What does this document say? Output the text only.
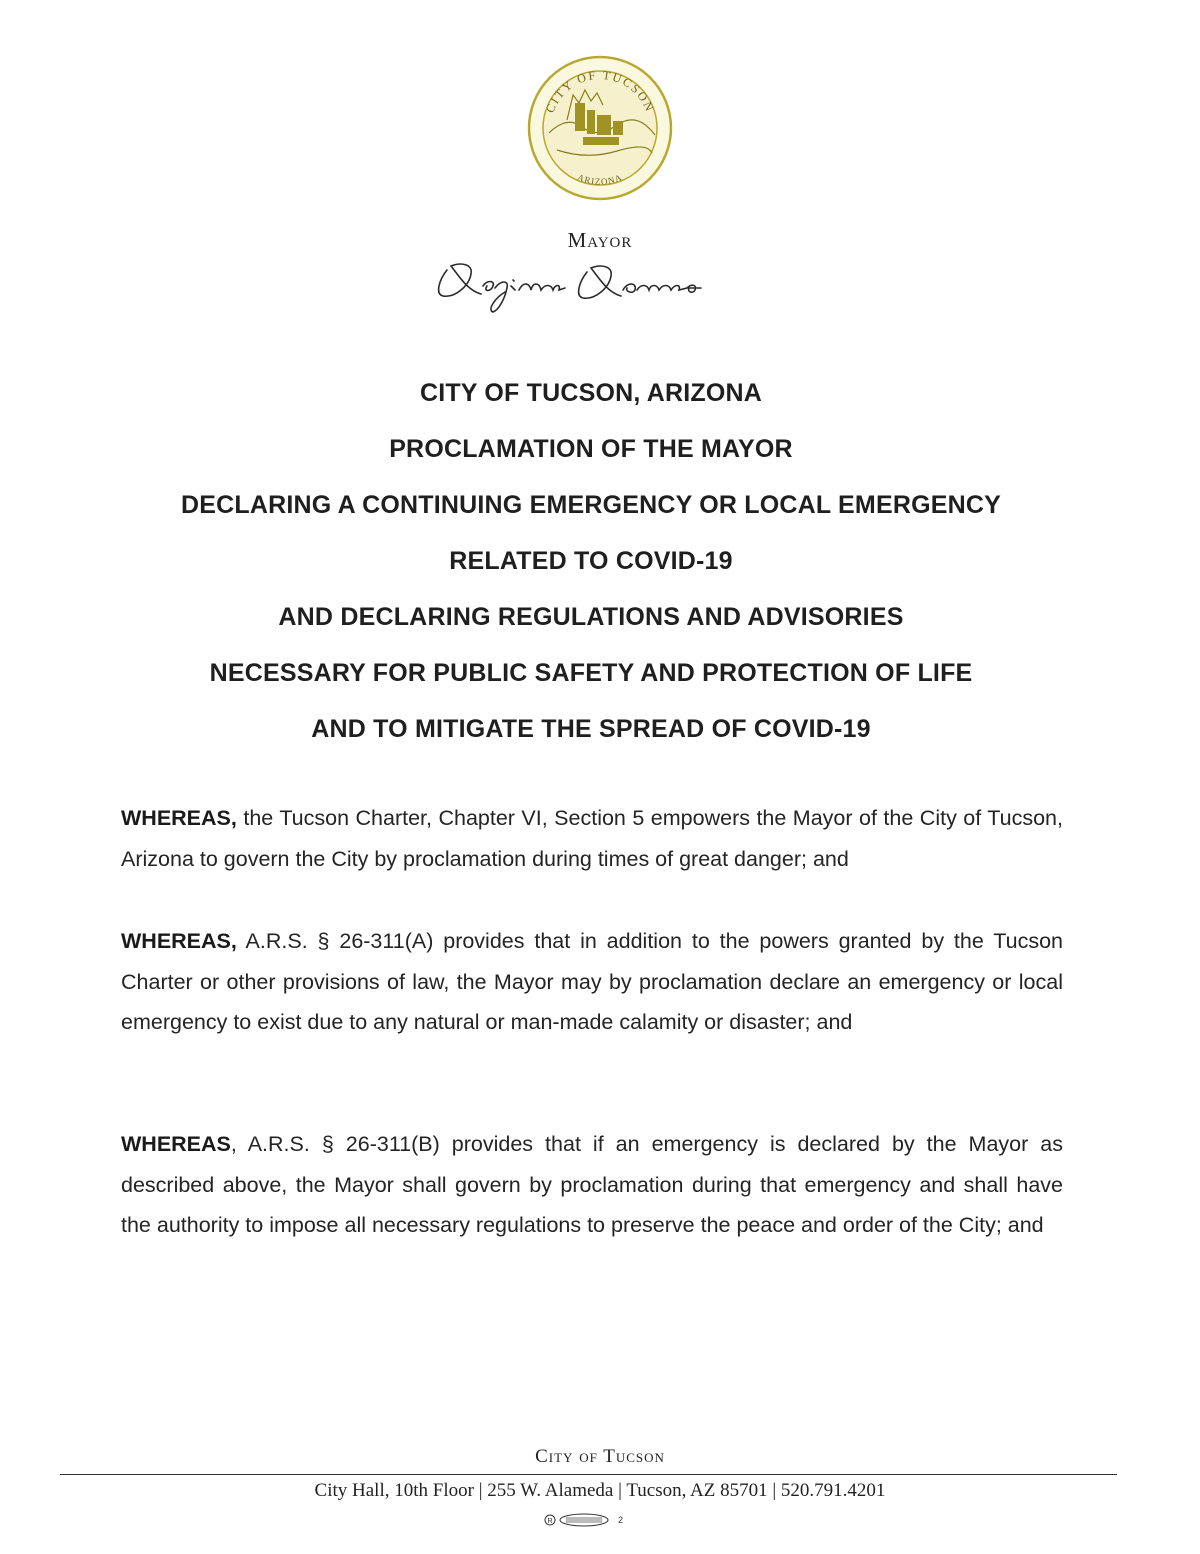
CITY OF TUCSON
ARIZONA
Mayor
CITY OF TUCSON, ARIZONA
PROCLAMATION OF THE MAYOR
DECLARING A CONTINUING EMERGENCY OR LOCAL EMERGENCY
RELATED TO COVID-19
AND DECLARING REGULATIONS AND ADVISORIES
NECESSARY FOR PUBLIC SAFETY AND PROTECTION OF LIFE
AND TO MITIGATE THE SPREAD OF COVID-19

WHEREAS, the Tucson Charter, Chapter VI, Section 5 empowers the Mayor of the City of Tucson, Arizona to govern the City by proclamation during times of great danger; and

WHEREAS, A.R.S. § 26-311(A) provides that in addition to the powers granted by the Tucson Charter or other provisions of law, the Mayor may by proclamation declare an emergency or local emergency to exist due to any natural or man-made calamity or disaster; and

WHEREAS, A.R.S. § 26-311(B) provides that if an emergency is declared by the Mayor as described above, the Mayor shall govern by proclamation during that emergency and shall have the authority to impose all necessary regulations to preserve the peace and order of the City; and

City of Tucson
City Hall, 10th Floor | 255 W. Alameda | Tucson, AZ 85701 | 520.791.4201
R	2
